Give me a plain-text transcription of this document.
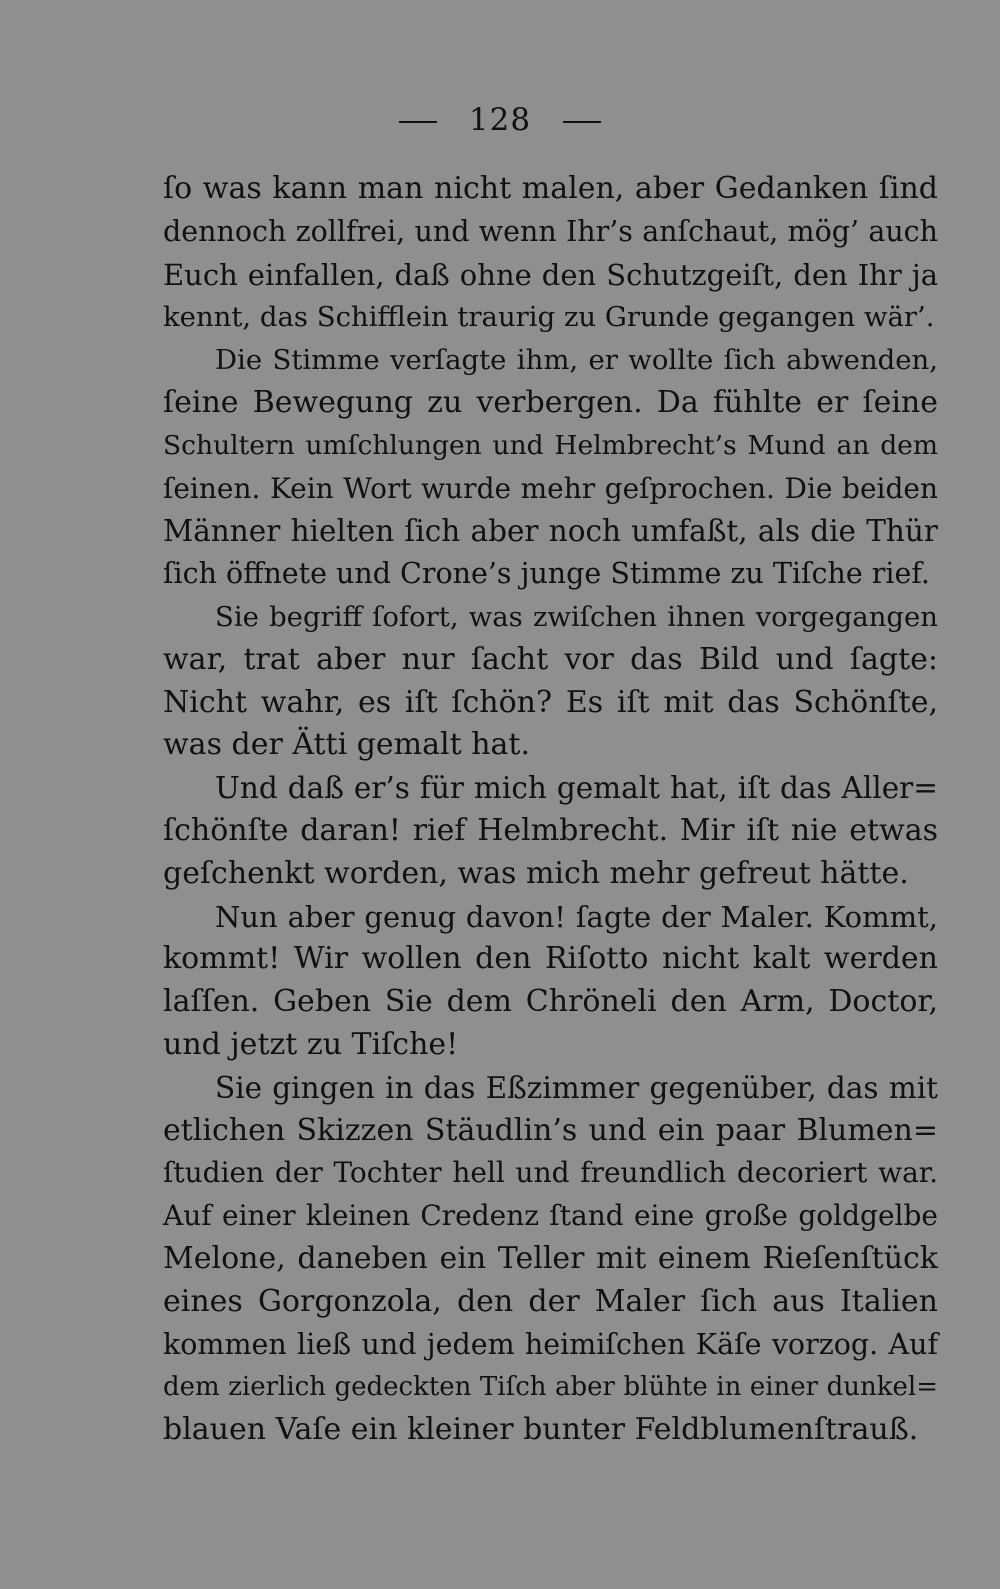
128
ſo was kann man nicht malen, aber Gedanken ſind
dennoch zollfrei, und wenn Ihr’s anſchaut, mög’ auch
Euch einfallen, daß ohne den Schutzgeiſt, den Ihr ja
kennt, das Schifflein traurig zu Grunde gegangen wär’.
Die Stimme verſagte ihm, er wollte ſich abwenden,
ſeine Bewegung zu verbergen. Da fühlte er ſeine
Schultern umſchlungen und Helmbrecht’s Mund an dem
ſeinen. Kein Wort wurde mehr geſprochen. Die beiden
Männer hielten ſich aber noch umfaßt, als die Thür
ſich öffnete und Crone’s junge Stimme zu Tiſche rief.
Sie begriff ſofort, was zwiſchen ihnen vorgegangen
war, trat aber nur ſacht vor das Bild und ſagte:
Nicht wahr, es iſt ſchön? Es iſt mit das Schönſte,
was der Ätti gemalt hat.
Und daß er’s für mich gemalt hat, iſt das Aller=
ſchönſte daran! rief Helmbrecht. Mir iſt nie etwas
geſchenkt worden, was mich mehr gefreut hätte.
Nun aber genug davon! ſagte der Maler. Kommt,
kommt! Wir wollen den Riſotto nicht kalt werden
laſſen. Geben Sie dem Chröneli den Arm, Doctor,
und jetzt zu Tiſche!
Sie gingen in das Eßzimmer gegenüber, das mit
etlichen Skizzen Stäudlin’s und ein paar Blumen=
ſtudien der Tochter hell und freundlich decoriert war.
Auf einer kleinen Credenz ſtand eine große goldgelbe
Melone, daneben ein Teller mit einem Rieſenſtück
eines Gorgonzola, den der Maler ſich aus Italien
kommen ließ und jedem heimiſchen Käſe vorzog. Auf
dem zierlich gedeckten Tiſch aber blühte in einer dunkel=
blauen Vaſe ein kleiner bunter Feldblumenſtrauß.
